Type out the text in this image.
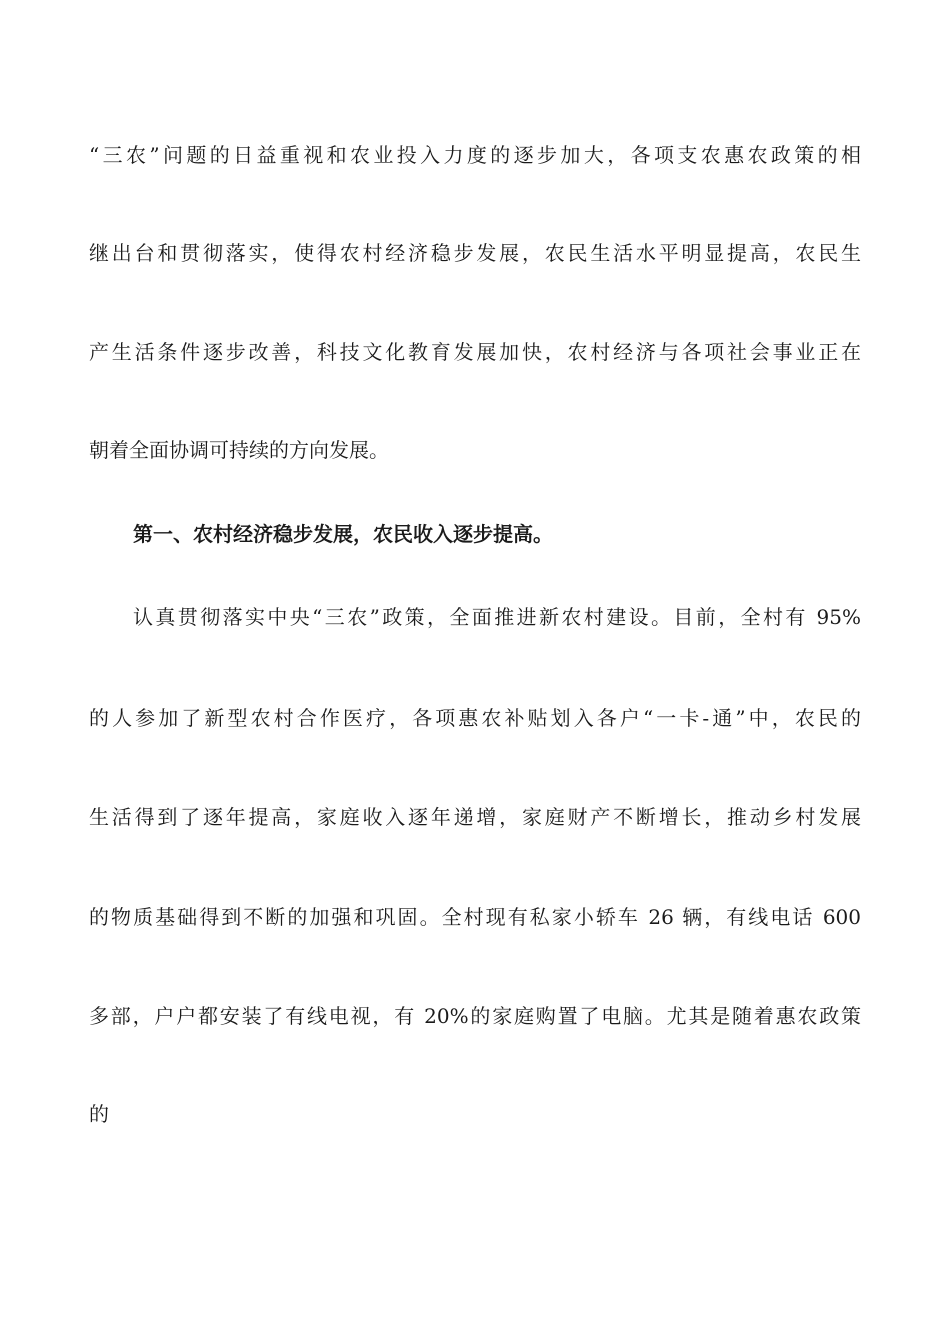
“三农”问题的日益重视和农业投入力度的逐步加大，各项支农惠农政策的相
继出台和贯彻落实，使得农村经济稳步发展，农民生活水平明显提高，农民生
产生活条件逐步改善，科技文化教育发展加快，农村经济与各项社会事业正在
朝着全面协调可持续的方向发展。
第一、农村经济稳步发展，农民收入逐步提高。
认真贯彻落实中央“三农”政策，全面推进新农村建设。目前，全村有 95%
的人参加了新型农村合作医疗，各项惠农补贴划入各户“一卡-通”中，农民的
生活得到了逐年提高，家庭收入逐年递增，家庭财产不断增长，推动乡村发展
的物质基础得到不断的加强和巩固。全村现有私家小轿车 26 辆，有线电话 600
多部，户户都安装了有线电视，有 20%的家庭购置了电脑。尤其是随着惠农政策
的
